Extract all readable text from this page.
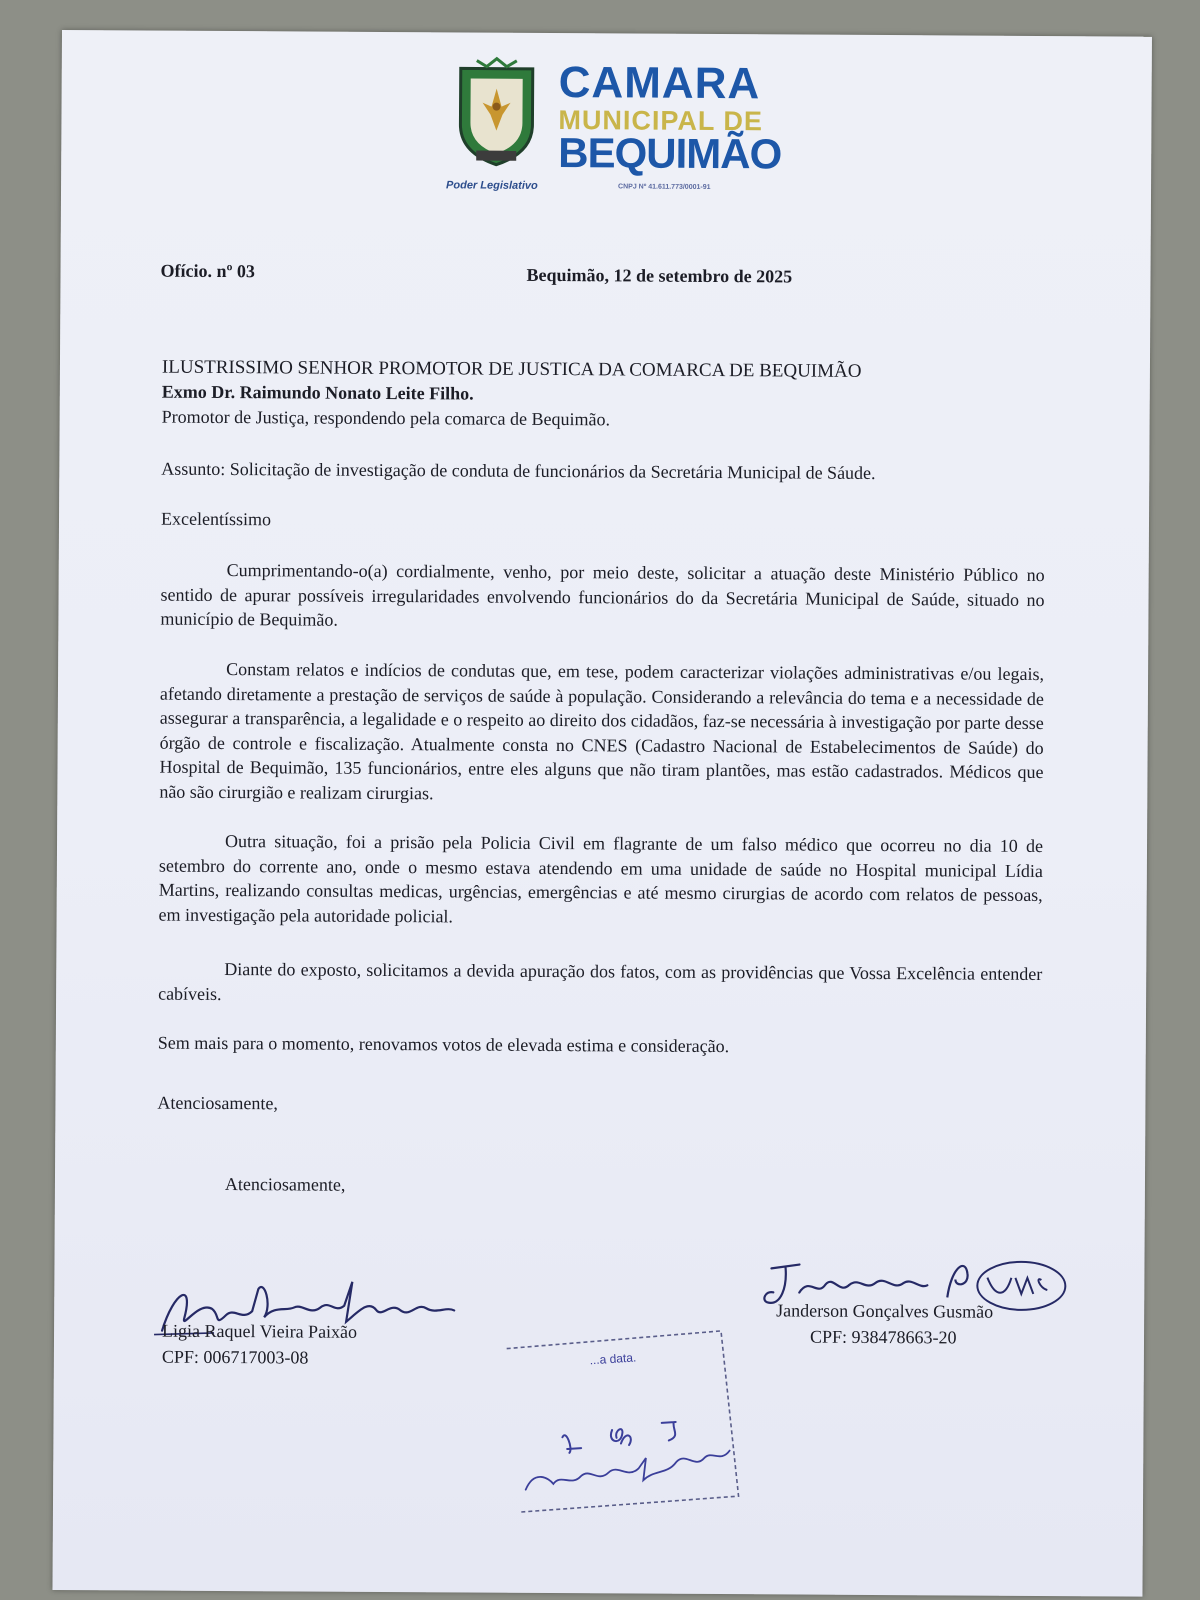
CAMARA
MUNICIPAL DE
BEQUIMÃO
Poder Legislativo	CNPJ Nº 41.611.773/0001-91
Ofício. nº 03	Bequimão, 12 de setembro de 2025
ILUSTRISSIMO SENHOR PROMOTOR DE JUSTICA DA COMARCA DE BEQUIMÃO
Exmo Dr. Raimundo Nonato Leite Filho.
Promotor de Justiça, respondendo pela comarca de Bequimão.
Assunto: Solicitação de investigação de conduta de funcionários da Secretária Municipal de Sáude.
Excelentíssimo
Cumprimentando-o(a) cordialmente, venho, por meio deste, solicitar a atuação deste Ministério Público no sentido de apurar possíveis irregularidades envolvendo funcionários do da Secretária Municipal de Saúde, situado no município de Bequimão.
Constam relatos e indícios de condutas que, em tese, podem caracterizar violações administrativas e/ou legais, afetando diretamente a prestação de serviços de saúde à população. Considerando a relevância do tema e a necessidade de assegurar a transparência, a legalidade e o respeito ao direito dos cidadãos, faz-se necessária à investigação por parte desse órgão de controle e fiscalização. Atualmente consta no CNES (Cadastro Nacional de Estabelecimentos de Saúde) do Hospital de Bequimão, 135 funcionários, entre eles alguns que não tiram plantões, mas estão cadastrados. Médicos que não são cirurgião e realizam cirurgias.
Outra situação, foi a prisão pela Policia Civil em flagrante de um falso médico que ocorreu no dia 10 de setembro do corrente ano, onde o mesmo estava atendendo em uma unidade de saúde no Hospital municipal Lídia Martins, realizando consultas medicas, urgências, emergências e até mesmo cirurgias de acordo com relatos de pessoas, em investigação pela autoridade policial.
Diante do exposto, solicitamos a devida apuração dos fatos, com as providências que Vossa Excelência entender cabíveis.
Sem mais para o momento, renovamos votos de elevada estima e consideração.
Atenciosamente,
Atenciosamente,
Ligia Raquel Vieira Paixão
CPF: 006717003-08
Janderson Gonçalves Gusmão
CPF: 938478663-20
...a data.
